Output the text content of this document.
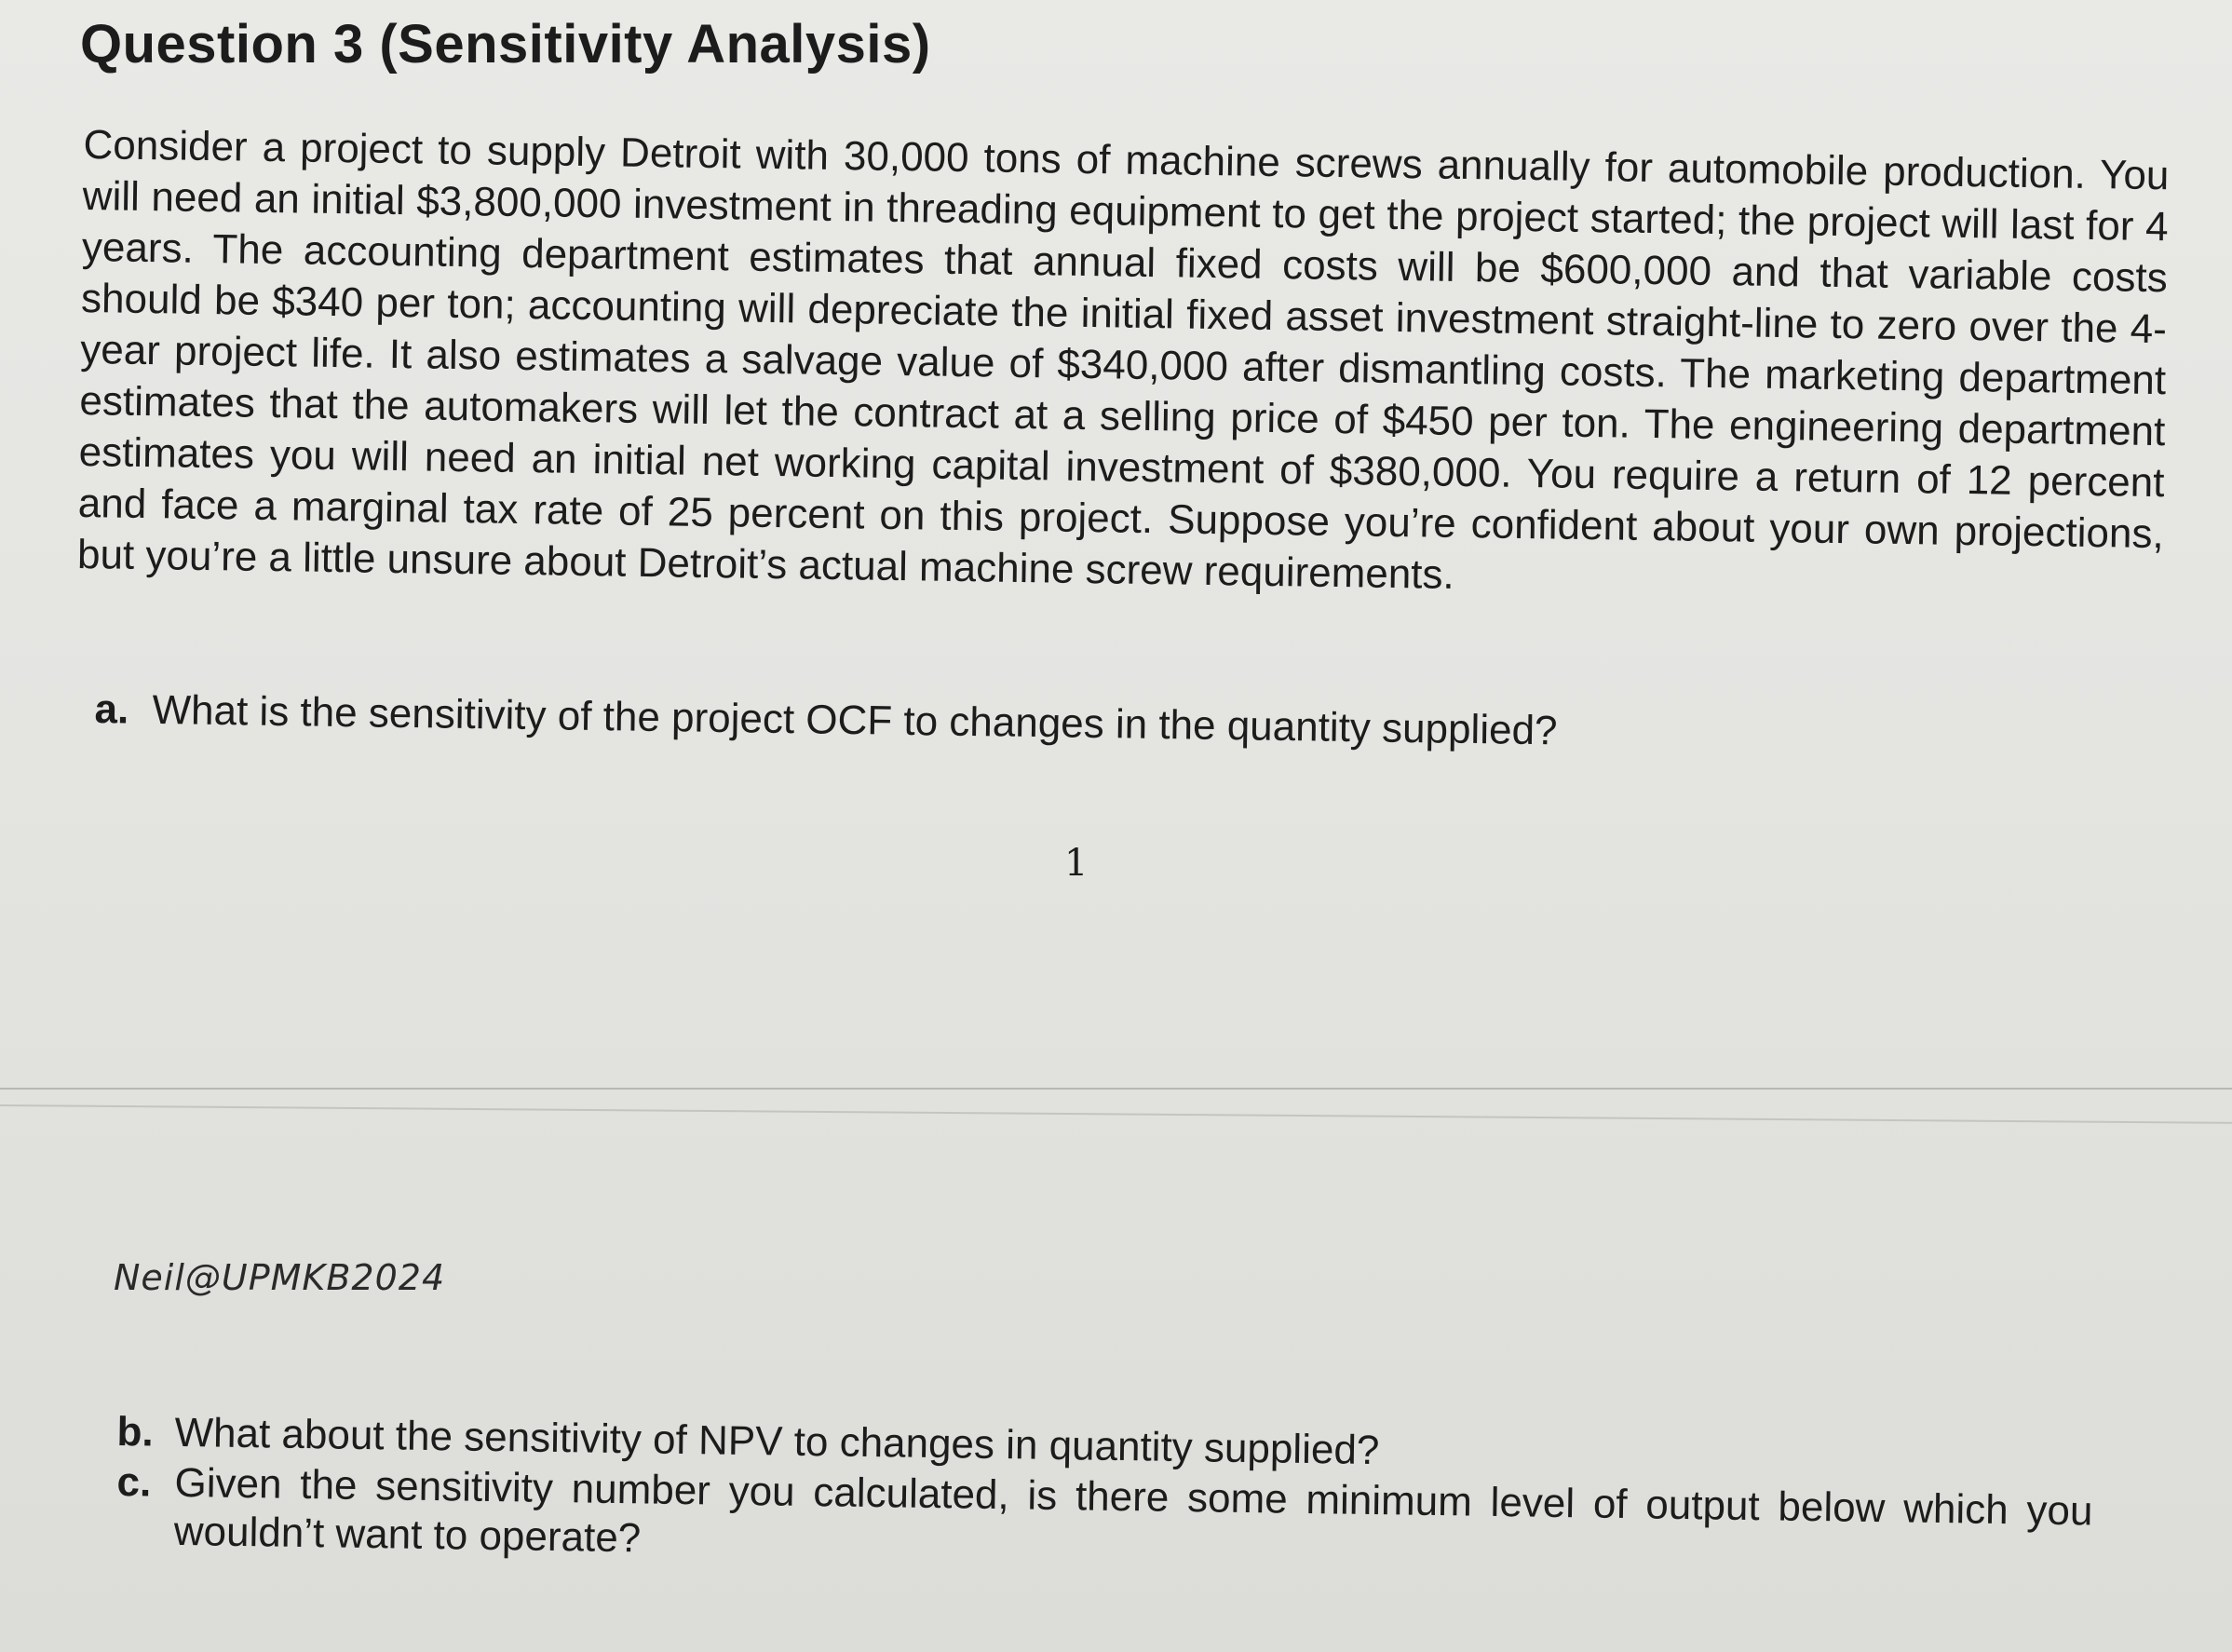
Question 3 (Sensitivity Analysis)
Consider a project to supply Detroit with 30,000 tons of machine screws annually for automobile production. You will need an initial $3,800,000 investment in threading equipment to get the project started; the project will last for 4 years. The accounting department estimates that annual fixed costs will be $600,000 and that variable costs should be $340 per ton; accounting will depreciate the initial fixed asset investment straight-line to zero over the 4-year project life. It also estimates a salvage value of $340,000 after dismantling costs. The marketing department estimates that the automakers will let the contract at a selling price of $450 per ton. The engineering department estimates you will need an initial net working capital investment of $380,000. You require a return of 12 percent and face a marginal tax rate of 25 percent on this project. Suppose you’re confident about your own projections, but you’re a little unsure about Detroit’s actual machine screw requirements.
a. What is the sensitivity of the project OCF to changes in the quantity supplied?
1
Neil@UPMKB2024
b. What about the sensitivity of NPV to changes in quantity supplied?
c. Given the sensitivity number you calculated, is there some minimum level of output below which you wouldn’t want to operate?
